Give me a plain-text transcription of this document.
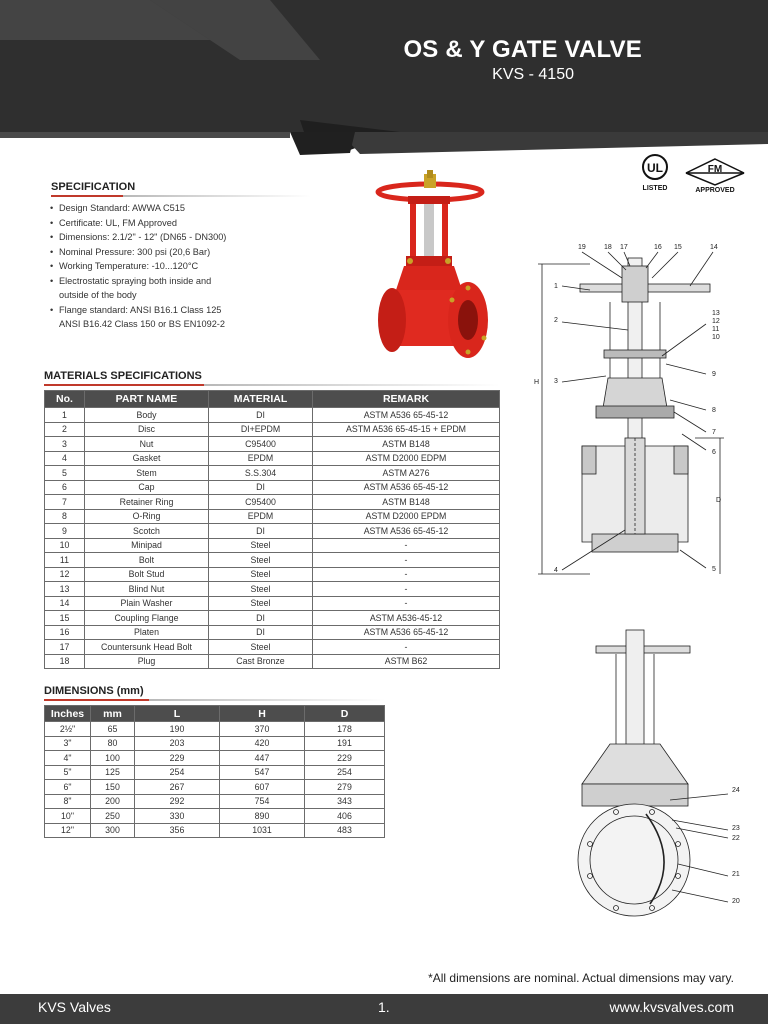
OS & Y GATE VALVE
KVS - 4150
UL
LISTED
FM
APPROVED
SPECIFICATION
• Design Standard: AWWA C515
• Certificate: UL, FM Approved
• Dimensions: 2.1/2" - 12" (DN65 - DN300)
• Nominal Pressure: 300 psi (20,6 Bar)
• Working Temperature: -10...120°C
• Electrostatic spraying both inside and
outside of the body
• Flange standard: ANSI B16.1 Class 125
ANSI B16.42 Class 150 or BS EN1092-2
MATERIALS SPECIFICATIONS
No.	PART NAME	MATERIAL	REMARK
1	Body	DI	ASTM A536 65-45-12
2	Disc	DI+EPDM	ASTM A536 65-45-15 + EPDM
3	Nut	C95400	ASTM B148
4	Gasket	EPDM	ASTM D2000 EDPM
5	Stem	S.S.304	ASTM A276
6	Cap	DI	ASTM A536 65-45-12
7	Retainer Ring	C95400	ASTM B148
8	O-Ring	EPDM	ASTM D2000 EPDM
9	Scotch	DI	ASTM A536 65-45-12
10	Minipad	Steel	-
11	Bolt	Steel	-
12	Bolt Stud	Steel	-
13	Blind Nut	Steel	-
14	Plain Washer	Steel	-
15	Coupling Flange	DI	ASTM A536-45-12
16	Platen	DI	ASTM A536 65-45-12
17	Countersunk Head Bolt	Steel	-
18	Plug	Cast Bronze	ASTM B62
DIMENSIONS (mm)
Inches	mm	L	H	D
2½"	65	190	370	178
3"	80	203	420	191
4"	100	229	447	229
5"	125	254	547	254
6"	150	267	607	279
8"	200	292	754	343
10"	250	330	890	406
12"	300	356	1031	483
19	18 17	16 15	14
1
2
H 3
4
13
12
11
10
9
8
7
6
D
5
24
23
22
21
20
*All dimensions are nominal. Actual dimensions may vary.
KVS Valves	1.	www.kvsvalves.com
